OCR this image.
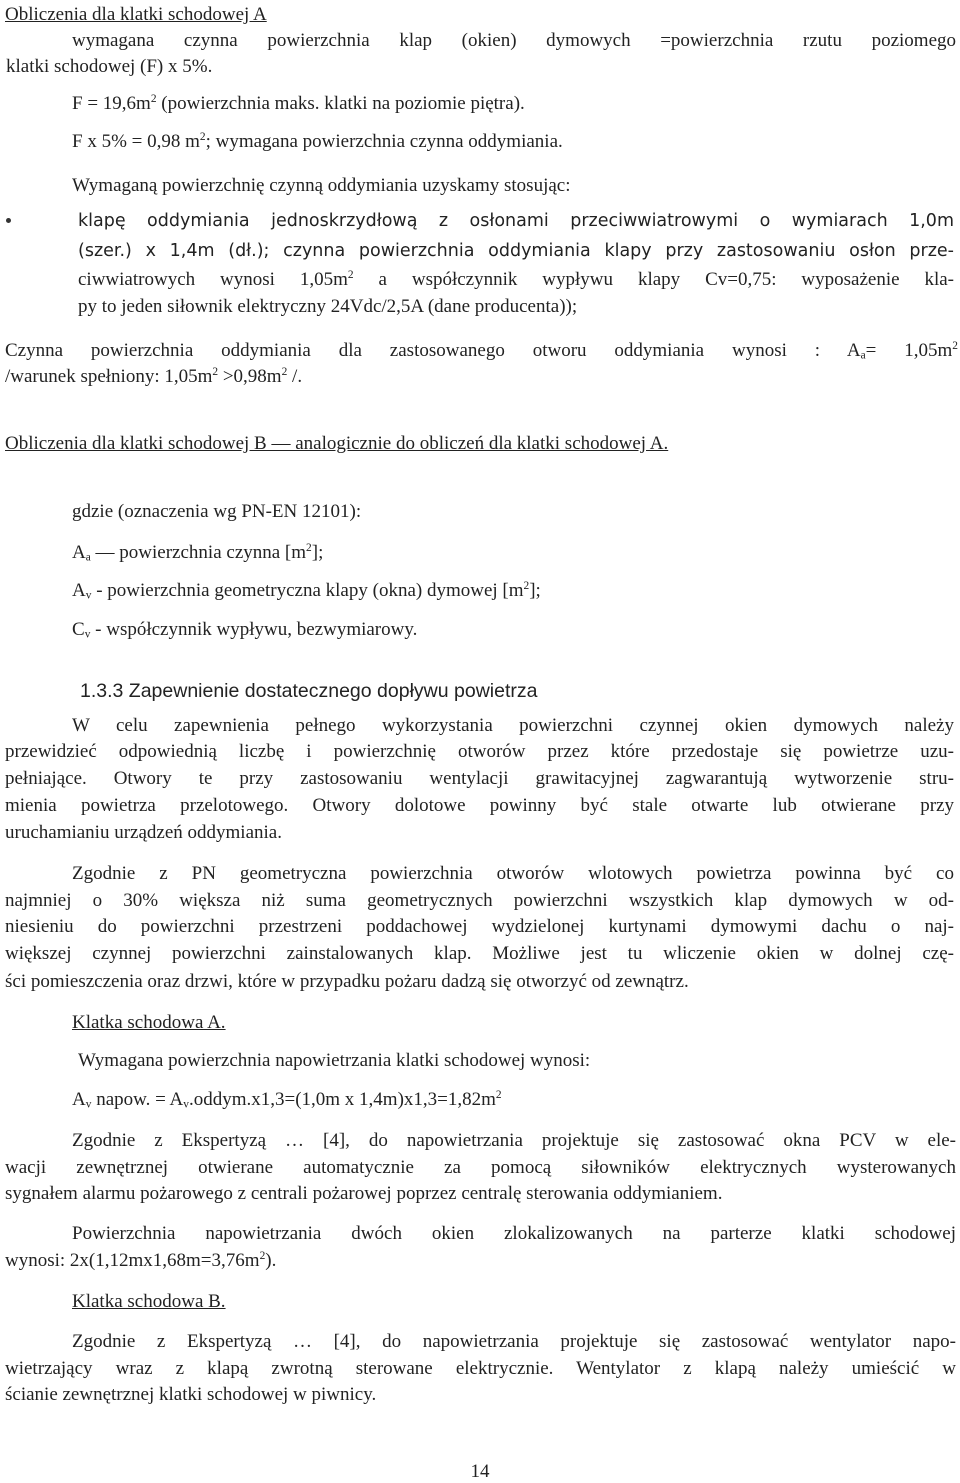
Obliczenia dla klatki schodowej A
wymagana czynna powierzchnia klap (okien) dymowych =powierzchnia rzutu poziomego
klatki schodowej (F) x 5%.
$F = 19,6m^2$ (powierzchnia maks. klatki na poziomie piętra).
F x 5% = 0,98 $m^2$; wymagana powierzchnia czynna oddymiania.
Wymaganą powierzchnię czynną oddymiania uzyskamy stosując:
klapę oddymiania jednoskrzydłową z osłonami przeciwwiatrowymi o wymiarach 1,0m
(szer.) x 1,4m (dł.); czynna powierzchnia oddymiania klapy przy zastosowaniu osłon prze-
ciwwiatrowych wynosi $1,05m^2$ a współczynnik wypływu klapy Cv=0,75: wyposażenie kla-
py to jeden siłownik elektryczny 24Vdc/2,5A (dane producenta));
Czynna powierzchnia oddymiania dla zastosowanego otworu oddymiania wynosi : $A_a= 1,05m^2$
/warunek spełniony: $1,05m^2 >0,98m^2$ /.
Obliczenia dla klatki schodowej B — analogicznie do obliczeń dla klatki schodowej A.
gdzie (oznaczenia wg PN-EN 12101):
$A_a$ — powierzchnia czynna $[m^2]$;
$A_v$ - powierzchnia geometryczna klapy (okna) dymowej $[m^2]$;
$C_v$ - współczynnik wypływu, bezwymiarowy.
1.3.3 Zapewnienie dostatecznego dopływu powietrza
W celu zapewnienia pełnego wykorzystania powierzchni czynnej okien dymowych należy
przewidzieć odpowiednią liczbę i powierzchnię otworów przez które przedostaje się powietrze uzu-
pełniające. Otwory te przy zastosowaniu wentylacji grawitacyjnej zagwarantują wytworzenie stru-
mienia powietrza przelotowego. Otwory dolotowe powinny być stale otwarte lub otwierane przy
uruchamianiu urządzeń oddymiania.
Zgodnie z PN geometryczna powierzchnia otworów wlotowych powietrza powinna być co
najmniej o 30% większa niż suma geometrycznych powierzchni wszystkich klap dymowych w od-
niesieniu do powierzchni przestrzeni poddachowej wydzielonej kurtynami dymowymi dachu o naj-
większej czynnej powierzchni zainstalowanych klap. Możliwe jest tu wliczenie okien w dolnej czę-
ści pomieszczenia oraz drzwi, które w przypadku pożaru dadzą się otworzyć od zewnątrz.
Klatka schodowa A.
Wymagana powierzchnia napowietrzania klatki schodowej wynosi:
$A_v$ napow. = $A_v.oddym.x1,3=(1,0m$ x $1,4m)x1,3=1,82m^2$
Zgodnie z Ekspertyzą … [4], do napowietrzania projektuje się zastosować okna PCV w ele-
wacji zewnętrznej otwierane automatycznie za pomocą siłowników elektrycznych wysterowanych
sygnałem alarmu pożarowego z centrali pożarowej poprzez centralę sterowania oddymianiem.
Powierzchnia napowietrzania dwóch okien zlokalizowanych na parterze klatki schodowej
wynosi: $2x(1,12mx1,68m=3,76m^2)$.
Klatka schodowa B.
Zgodnie z Ekspertyzą … [4], do napowietrzania projektuje się zastosować wentylator napo-
wietrzający wraz z klapą zwrotną sterowane elektrycznie. Wentylator z klapą należy umieścić w
ścianie zewnętrznej klatki schodowej w piwnicy.
14
